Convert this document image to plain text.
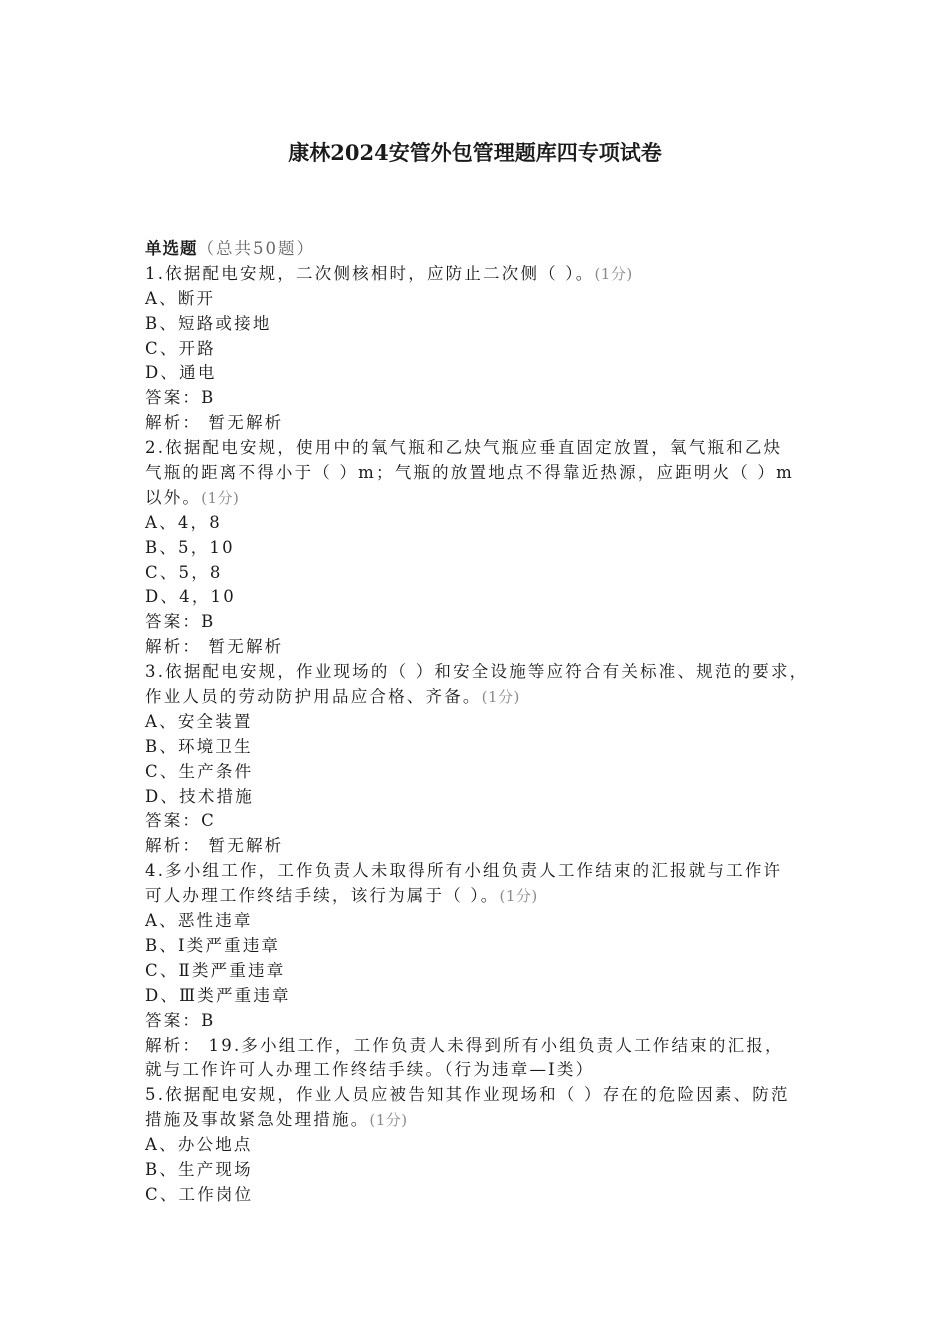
康林2024安管外包管理题库四专项试卷
单选题（总共50题）
1.依据配电安规，二次侧核相时，应防止二次侧（ ）。(1分)
A、断开
B、短路或接地
C、开路
D、通电
答案：B
解析： 暂无解析
2.依据配电安规，使用中的氧气瓶和乙炔气瓶应垂直固定放置，氧气瓶和乙炔
气瓶的距离不得小于（ ）m；气瓶的放置地点不得靠近热源，应距明火（ ）m
以外。(1分)
A、4，8
B、5，10
C、5，8
D、4，10
答案：B
解析： 暂无解析
3.依据配电安规，作业现场的（ ）和安全设施等应符合有关标准、规范的要求，
作业人员的劳动防护用品应合格、齐备。(1分)
A、安全装置
B、环境卫生
C、生产条件
D、技术措施
答案：C
解析： 暂无解析
4.多小组工作，工作负责人未取得所有小组负责人工作结束的汇报就与工作许
可人办理工作终结手续，该行为属于（ ）。(1分)
A、恶性违章
B、Ⅰ类严重违章
C、Ⅱ类严重违章
D、Ⅲ类严重违章
答案：B
解析： 19.多小组工作，工作负责人未得到所有小组负责人工作结束的汇报，
就与工作许可人办理工作终结手续。（行为违章—Ⅰ类）
5.依据配电安规，作业人员应被告知其作业现场和（ ）存在的危险因素、防范
措施及事故紧急处理措施。(1分)
A、办公地点
B、生产现场
C、工作岗位
